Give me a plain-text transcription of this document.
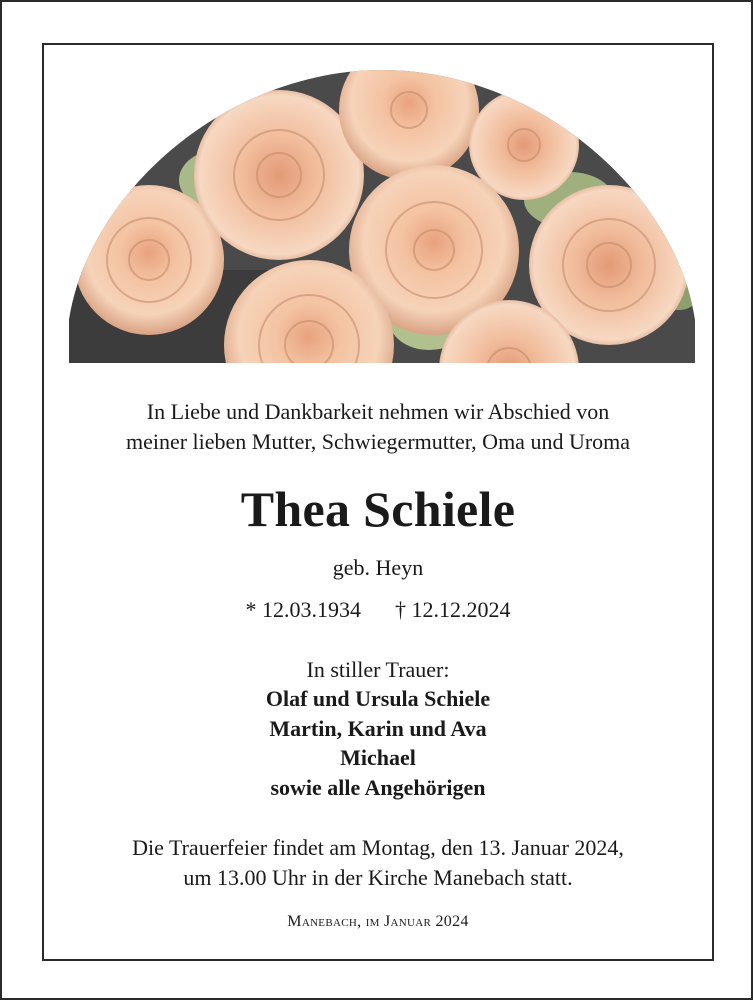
In Liebe und Dankbarkeit nehmen wir Abschied von
meiner lieben Mutter, Schwiegermutter, Oma und Uroma
Thea Schiele
geb. Heyn
* 12.03.1934 † 12.12.2024
In stiller Trauer:
Olaf und Ursula Schiele
Martin, Karin und Ava
Michael
sowie alle Angehörigen
Die Trauerfeier findet am Montag, den 13. Januar 2024,
um 13.00 Uhr in der Kirche Manebach statt.
Manebach, im Januar 2024
